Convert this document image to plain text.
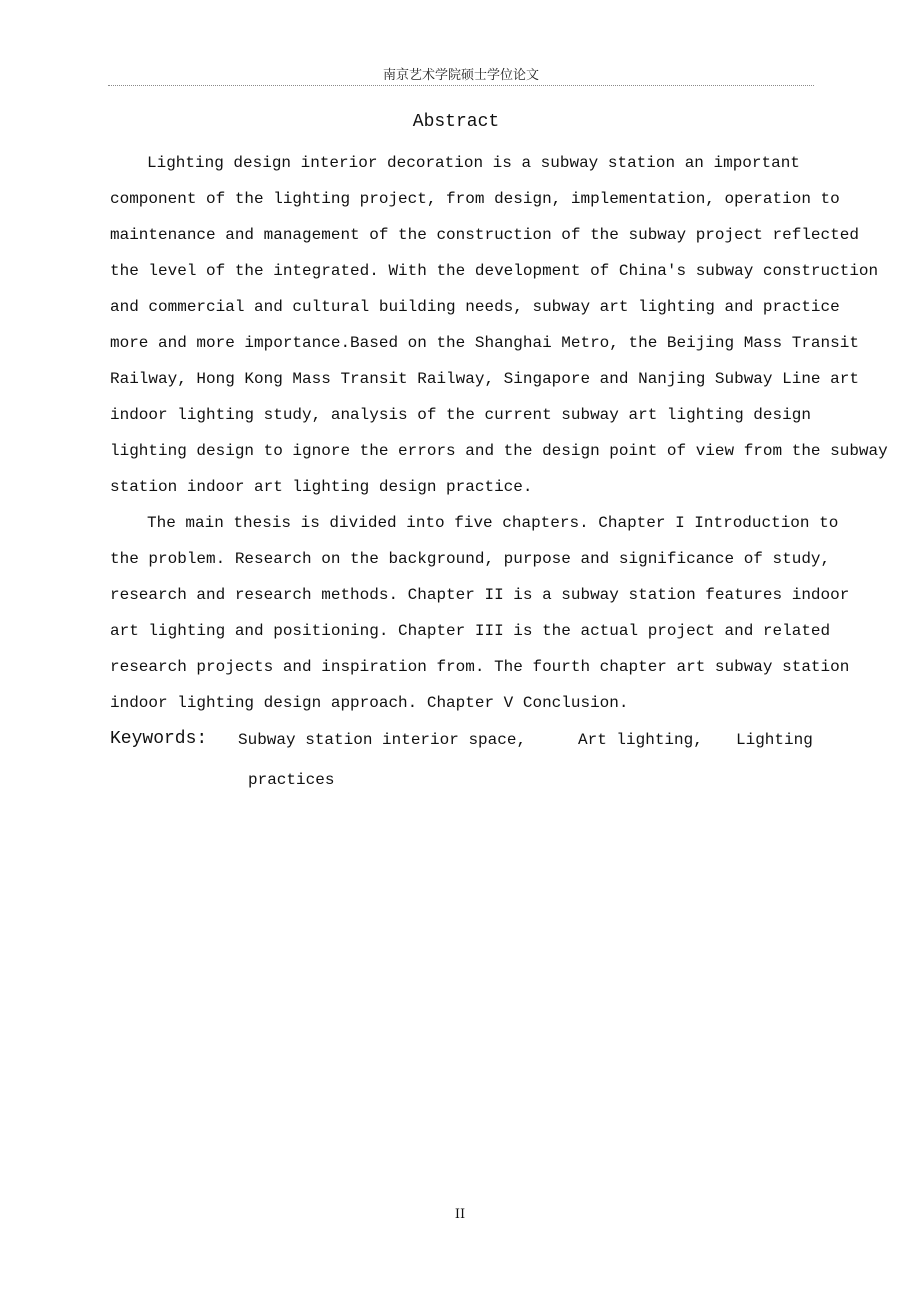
南京艺术学院硕士学位论文
Abstract
Lighting design interior decoration is a subway station an important
component of the lighting project, from design, implementation, operation to
maintenance and management of the construction of the subway project reflected
the level of the integrated. With the development of China's subway construction
and commercial and cultural building needs, subway art lighting and practice
more and more importance.Based on the Shanghai Metro, the Beijing Mass Transit
Railway, Hong Kong Mass Transit Railway, Singapore and Nanjing Subway Line art
indoor lighting study, analysis of the current subway art lighting design
lighting design to ignore the errors and the design point of view from the subway
station indoor art lighting design practice.
The main thesis is divided into five chapters. Chapter I Introduction to
the problem. Research on the background, purpose and significance of study,
research and research methods. Chapter II is a subway station features indoor
art lighting and positioning. Chapter III is the actual project and related
research projects and inspiration from. The fourth chapter art subway station
indoor lighting design approach. Chapter V Conclusion.
Keywords: Subway station interior space,	Art lighting, Lighting
practices
II
